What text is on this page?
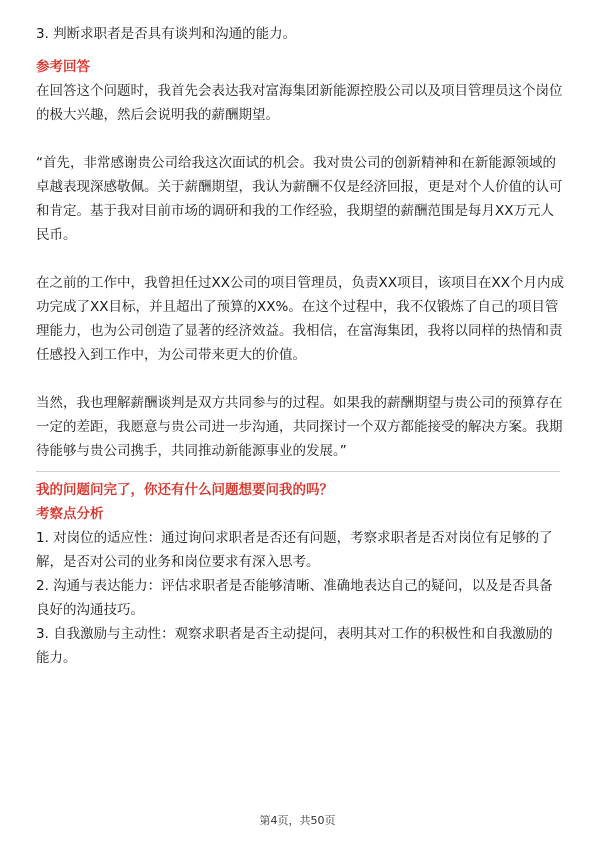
3. 判断求职者是否具有谈判和沟通的能力。

参考回答

在回答这个问题时，我首先会表达我对富海集团新能源控股公司以及项目管理员这个岗位的极大兴趣，然后会说明我的薪酬期望。

“首先，非常感谢贵公司给我这次面试的机会。我对贵公司的创新精神和在新能源领域的卓越表现深感敬佩。关于薪酬期望，我认为薪酬不仅是经济回报，更是对个人价值的认可和肯定。基于我对目前市场的调研和我的工作经验，我期望的薪酬范围是每月XX万元人民币。

在之前的工作中，我曾担任过XX公司的项目管理员，负责XX项目，该项目在XX个月内成功完成了XX目标，并且超出了预算的XX%。在这个过程中，我不仅锻炼了自己的项目管理能力，也为公司创造了显著的经济效益。我相信，在富海集团，我将以同样的热情和责任感投入到工作中，为公司带来更大的价值。

当然，我也理解薪酬谈判是双方共同参与的过程。如果我的薪酬期望与贵公司的预算存在一定的差距，我愿意与贵公司进一步沟通，共同探讨一个双方都能接受的解决方案。我期待能够与贵公司携手，共同推动新能源事业的发展。”

我的问题问完了，你还有什么问题想要问我的吗？

考察点分析

1. 对岗位的适应性：通过询问求职者是否还有问题，考察求职者是否对岗位有足够的了解，是否对公司的业务和岗位要求有深入思考。

2. 沟通与表达能力：评估求职者是否能够清晰、准确地表达自己的疑问，以及是否具备良好的沟通技巧。

3. 自我激励与主动性：观察求职者是否主动提问，表明其对工作的积极性和自我激励的能力。

第4页，共50页
